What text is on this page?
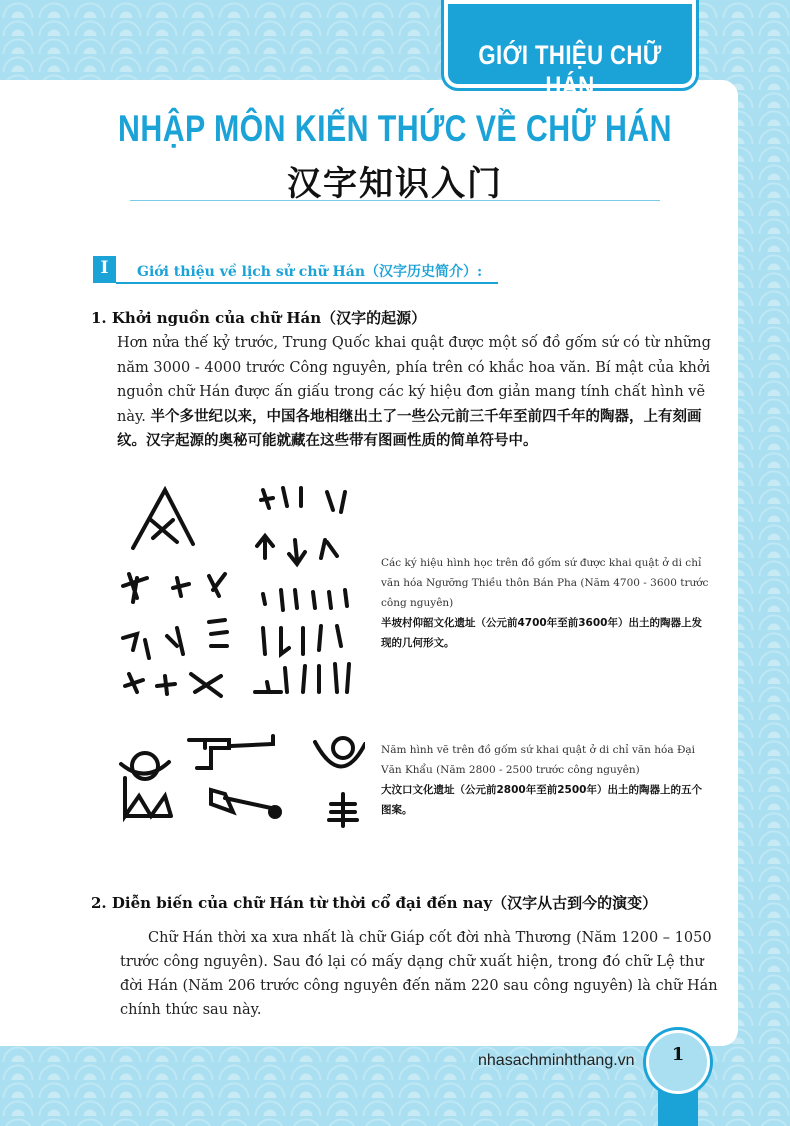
GIỚI THIỆU CHỮ HÁN
NHẬP MÔN KIẾN THỨC VỀ CHỮ HÁN
汉字知识入门
I	Giới thiệu về lịch sử chữ Hán（汉字历史简介）:
1. Khởi nguồn của chữ Hán（汉字的起源）
Hơn nửa thế kỷ trước, Trung Quốc khai quật được một số đồ gốm sứ có từ những năm 3000 - 4000 trước Công nguyên, phía trên có khắc hoa văn. Bí mật của khởi nguồn chữ Hán được ấn giấu trong các ký hiệu đơn giản mang tính chất hình vẽ này. 半个多世纪以来，中国各地相继出土了一些公元前三千年至前四千年的陶器，上有刻画纹。汉字起源的奥秘可能就藏在这些带有图画性质的简单符号中。
Các ký hiệu hình học trên đồ gốm sứ được khai quật ở di chỉ văn hóa Ngưỡng Thiều thôn Bán Pha (Năm 4700 - 3600 trước công nguyên)
半坡村仰韶文化遗址（公元前4700年至前3600年）出土的陶器上发现的几何形文。
Năm hình vẽ trên đồ gốm sứ khai quật ở di chỉ văn hóa Đại Văn Khẩu (Năm 2800 - 2500 trước công nguyên)
大汶口文化遗址（公元前2800年至前2500年）出土的陶器上的五个图案。
2. Diễn biến của chữ Hán từ thời cổ đại đến nay（汉字从古到今的演变）
Chữ Hán thời xa xưa nhất là chữ Giáp cốt đời nhà Thương (Năm 1200 – 1050 trước công nguyên). Sau đó lại có mấy dạng chữ xuất hiện, trong đó chữ Lệ thư đời Hán (Năm 206 trước công nguyên đến năm 220 sau công nguyên) là chữ Hán chính thức sau này.
nhasachminhthang.vn	1
